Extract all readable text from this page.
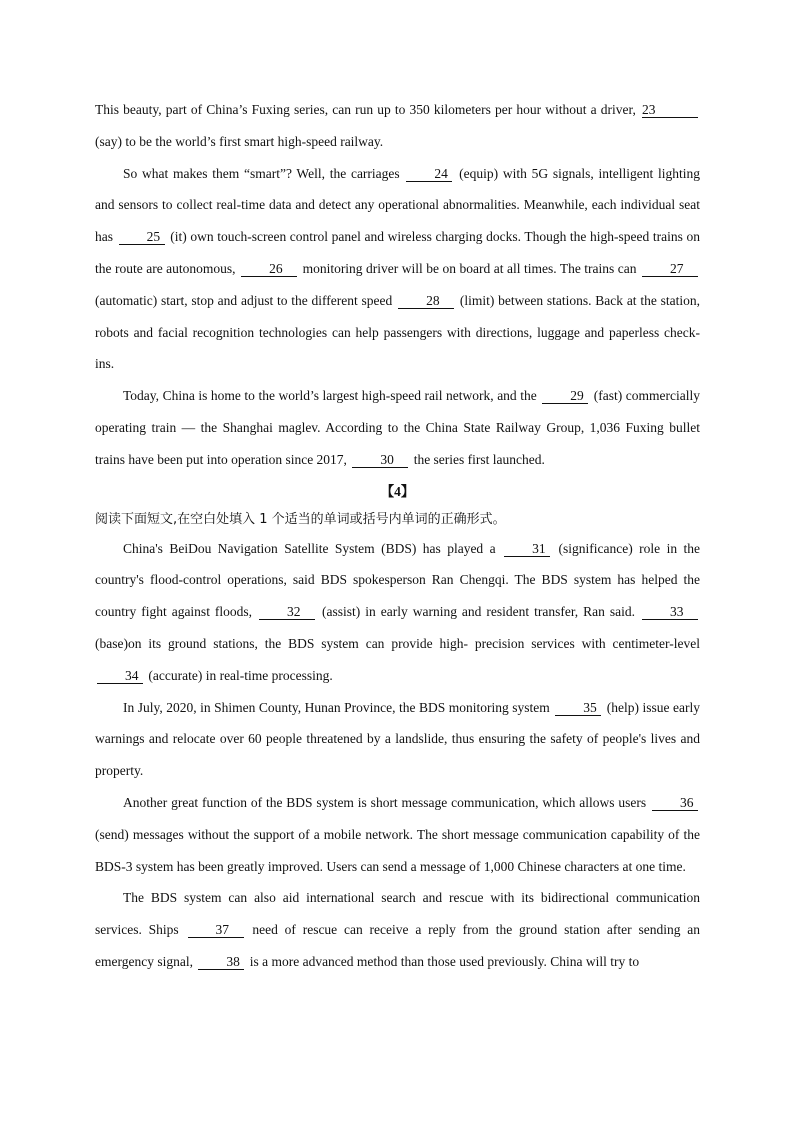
This beauty, part of China’s Fuxing series, can run up to 350 kilometers per hour without a driver, 23 (say) to be the world’s first smart high-speed railway.

So what makes them “smart”? Well, the carriages	24 (equip) with 5G signals, intelligent lighting and sensors to collect real-time data and detect any operational abnormalities. Meanwhile, each individual seat has 25 (it) own touch-screen control panel and wireless charging docks. Though the high-speed trains on the route are autonomous, 26 monitoring driver will be on board at all times. The trains can 27 (automatic) start, stop and adjust to the different speed	28 (limit) between stations. Back at the station, robots and facial recognition technologies can help passengers with directions, luggage and paperless check-ins.

Today, China is home to the world’s largest high-speed rail network, and the 29 (fast) commercially operating train — the Shanghai maglev. According to the China State Railway Group, 1,036 Fuxing bullet trains have been put into operation since 2017, 30 the series first launched.

【4】

阅读下面短文,在空白处填入 1 个适当的单词或括号内单词的正确形式。

China's BeiDou Navigation Satellite System (BDS) has played a	31 (significance) role in the country's flood-control operations, said BDS spokesperson Ran Chengqi. The BDS system has helped the country fight against floods,	32 (assist) in early warning and resident transfer, Ran said.	33 (base)on its ground stations, the BDS system can provide high- precision services with centimeter-level 34 (accurate) in real-time processing.

In July, 2020, in Shimen County, Hunan Province, the BDS monitoring system 35 (help) issue early warnings and relocate over 60 people threatened by a landslide, thus ensuring the safety of people's lives and property.

Another great function of the BDS system is short message communication, which allows users	36 (send) messages without the support of a mobile network. The short message communication capability of the BDS-3 system has been greatly improved. Users can send a message of 1,000 Chinese characters at one time.

The BDS system can also aid international search and rescue with its bidirectional communication services. Ships	37 need of rescue can receive a reply from the ground station after sending an emergency signal, 38 is a more advanced method than those used previously. China will try to
